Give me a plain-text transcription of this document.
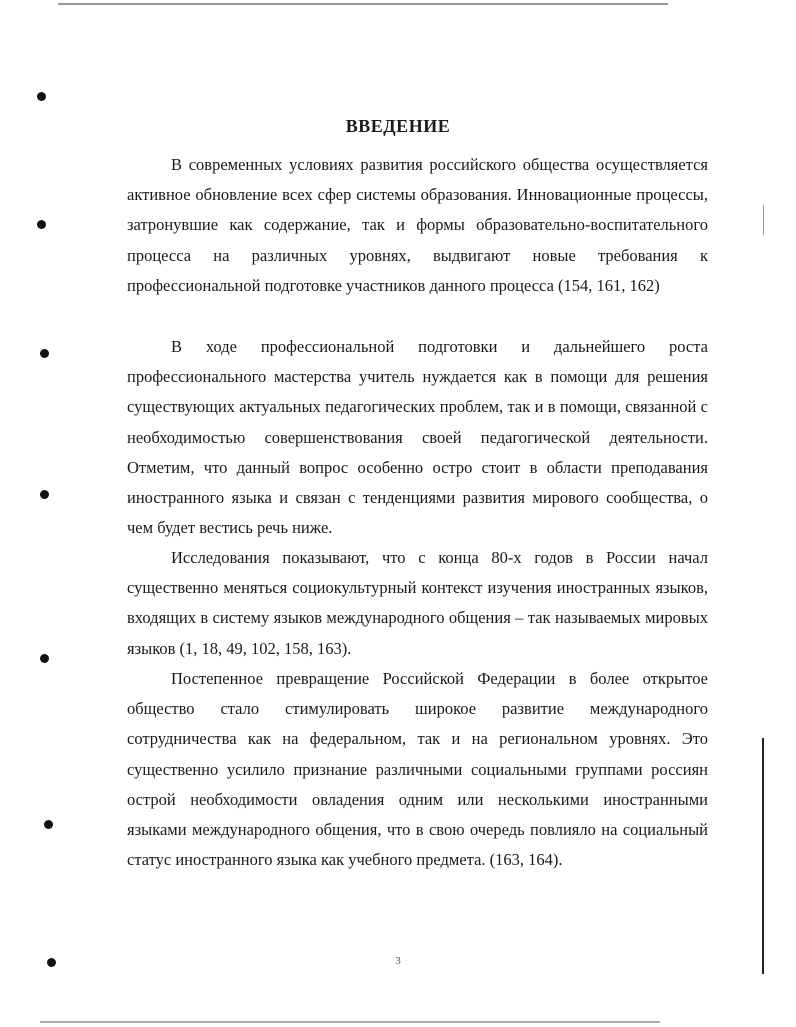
ВВЕДЕНИЕ

В современных условиях развития российского общества осуществляется активное обновление всех сфер системы образования. Инновационные процессы, затронувшие как содержание, так и формы образовательно-воспитательного процесса на различных уровнях, выдвигают новые требования к профессиональной подготовке участников данного процесса (154, 161, 162)

В ходе профессиональной подготовки и дальнейшего роста профессионального мастерства учитель нуждается как в помощи для решения существующих актуальных педагогических проблем, так и в помощи, связанной с необходимостью совершенствования своей педагогической деятельности. Отметим, что данный вопрос особенно остро стоит в области преподавания иностранного языка и связан с тенденциями развития мирового сообщества, о чем будет вестись речь ниже.

Исследования показывают, что с конца 80-х годов в России начал существенно меняться социокультурный контекст изучения иностранных языков, входящих в систему языков международного общения – так называемых мировых языков (1, 18, 49, 102, 158, 163).

Постепенное превращение Российской Федерации в более открытое общество стало стимулировать широкое развитие международного сотрудничества как на федеральном, так и на региональном уровнях. Это существенно усилило признание различными социальными группами россиян острой необходимости овладения одним или несколькими иностранными языками международного общения, что в свою очередь повлияло на социальный статус иностранного языка как учебного предмета. (163, 164).

3
